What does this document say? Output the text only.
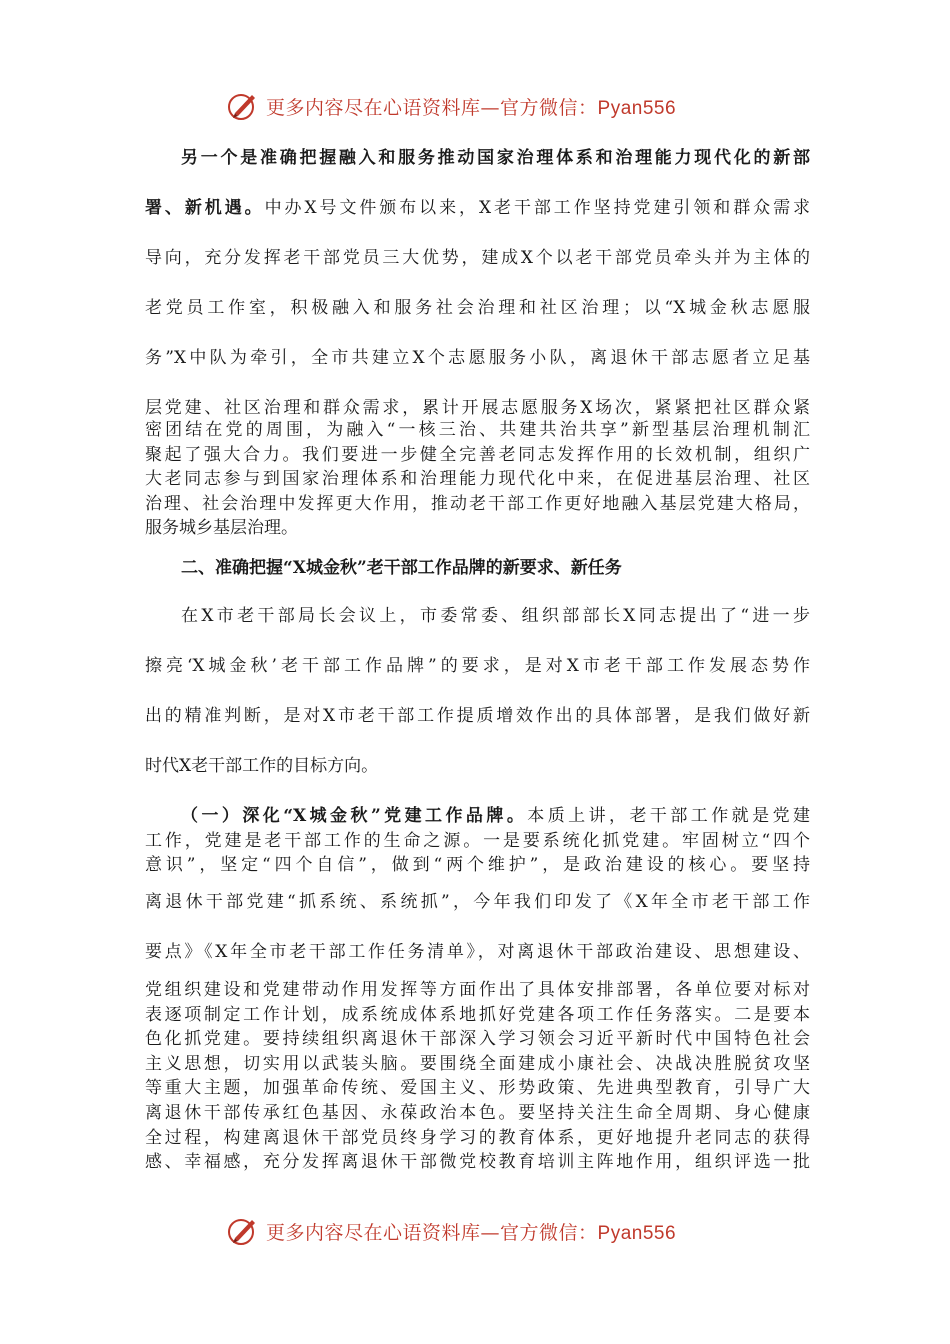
更多内容尽在心语资料库—官方微信：Pyan556
另一个是准确把握融入和服务推动国家治理体系和治理能力现代化的新部
署、新机遇。中办X号文件颁布以来，X老干部工作坚持党建引领和群众需求
导向，充分发挥老干部党员三大优势，建成X个以老干部党员牵头并为主体的
老党员工作室，积极融入和服务社会治理和社区治理；以“X城金秋志愿服
务”X中队为牵引，全市共建立X个志愿服务小队，离退休干部志愿者立足基
层党建、社区治理和群众需求，累计开展志愿服务X场次，紧紧把社区群众紧
密团结在党的周围，为融入“一核三治、共建共治共享”新型基层治理机制汇
聚起了强大合力。我们要进一步健全完善老同志发挥作用的长效机制，组织广
大老同志参与到国家治理体系和治理能力现代化中来，在促进基层治理、社区
治理、社会治理中发挥更大作用，推动老干部工作更好地融入基层党建大格局，
服务城乡基层治理。

二、准确把握“X城金秋”老干部工作品牌的新要求、新任务

在X市老干部局长会议上，市委常委、组织部部长X同志提出了“进一步
擦亮‘X城金秋’老干部工作品牌”的要求，是对X市老干部工作发展态势作
出的精准判断，是对X市老干部工作提质增效作出的具体部署，是我们做好新
时代X老干部工作的目标方向。
（一）深化“X城金秋”党建工作品牌。本质上讲，老干部工作就是党建
工作，党建是老干部工作的生命之源。一是要系统化抓党建。牢固树立“四个
意识”，坚定“四个自信”，做到“两个维护”，是政治建设的核心。要坚持
离退休干部党建“抓系统、系统抓”，今年我们印发了《X年全市老干部工作
要点》《X年全市老干部工作任务清单》，对离退休干部政治建设、思想建设、
党组织建设和党建带动作用发挥等方面作出了具体安排部署，各单位要对标对
表逐项制定工作计划，成系统成体系地抓好党建各项工作任务落实。二是要本
色化抓党建。要持续组织离退休干部深入学习领会习近平新时代中国特色社会
主义思想，切实用以武装头脑。要围绕全面建成小康社会、决战决胜脱贫攻坚
等重大主题，加强革命传统、爱国主义、形势政策、先进典型教育，引导广大
离退休干部传承红色基因、永葆政治本色。要坚持关注生命全周期、身心健康
全过程，构建离退休干部党员终身学习的教育体系，更好地提升老同志的获得
感、幸福感，充分发挥离退休干部微党校教育培训主阵地作用，组织评选一批
更多内容尽在心语资料库—官方微信：Pyan556
